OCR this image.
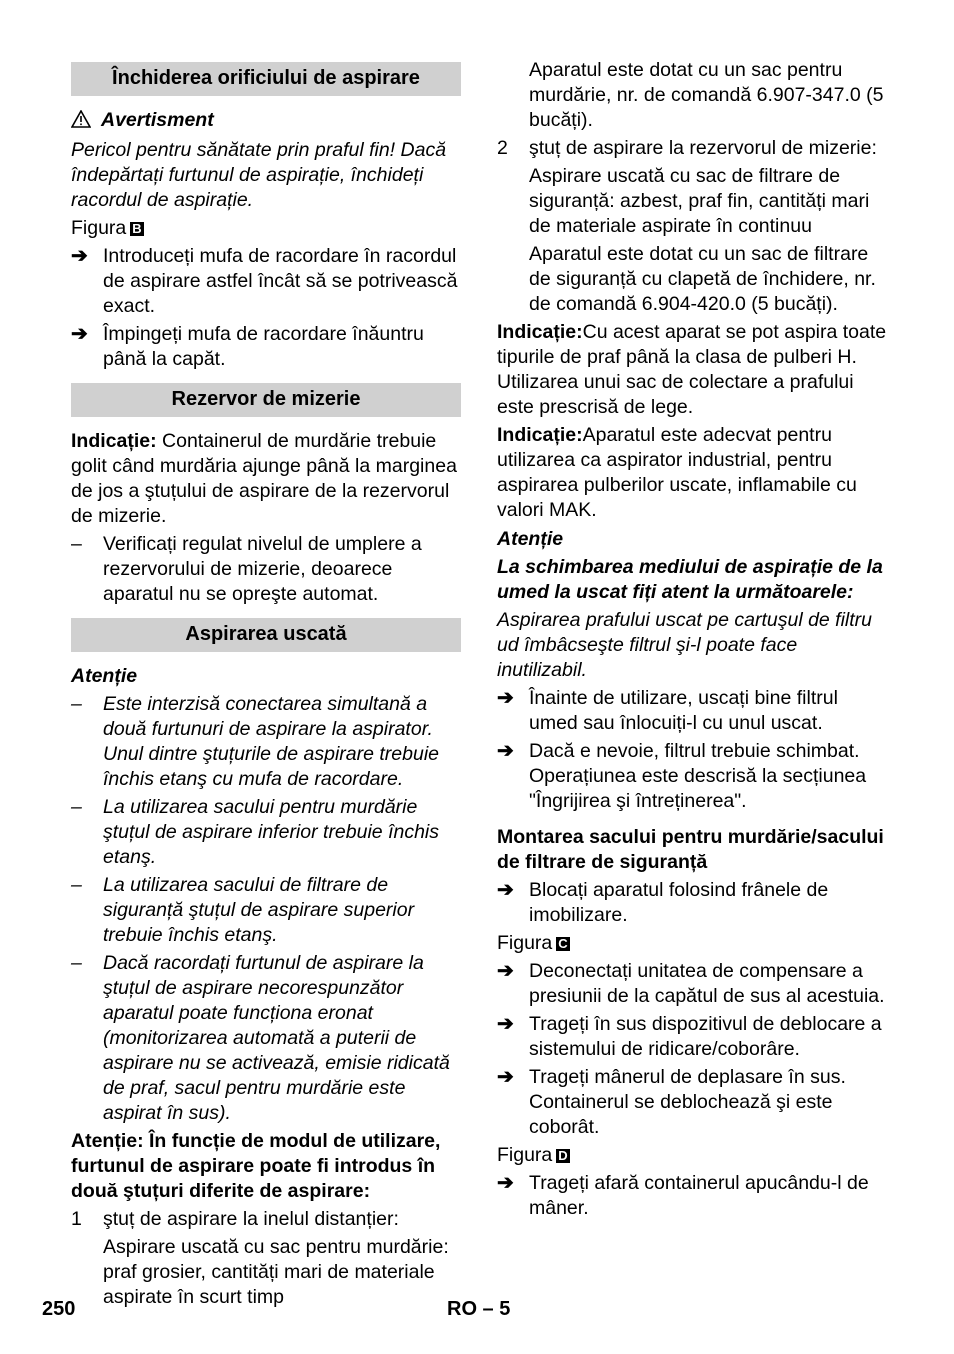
Închiderea orificiului de aspirare

Avertisment

Pericol pentru sănătate prin praful fin! Dacă îndepărtați furtunul de aspirație, închideți racordul de aspirație.

Figura B

➔ Introduceți mufa de racordare în racordul de aspirare astfel încât să se potrivească exact.
➔ Împingeți mufa de racordare înăuntru până la capăt.
Rezervor de mizerie

Indicație: Containerul de murdărie trebuie golit când murdăria ajunge până la marginea de jos a ştuțului de aspirare de la rezervorul de mizerie.

–	Verificați regulat nivelul de umplere a rezervorului de mizerie, deoarece aparatul nu se opreşte automat.
Aspirarea uscată

Atenție

–	Este interzisă conectarea simultană a două furtunuri de aspirare la aspirator. Unul dintre ştuțurile de aspirare trebuie închis etanş cu mufa de racordare.
–	La utilizarea sacului pentru murdărie ştuțul de aspirare inferior trebuie închis etanş.
–	La utilizarea sacului de filtrare de siguranță ştuțul de aspirare superior trebuie închis etanş.
–	Dacă racordați furtunul de aspirare la ştuțul de aspirare necorespunzător aparatul poate funcționa eronat (monitorizarea automată a puterii de aspirare nu se activează, emisie ridicată de praf, sacul pentru murdărie este aspirat în sus).

Atenție: În funcție de modul de utilizare, furtunul de aspirare poate fi introdus în două ştuțuri diferite de aspirare:

1	ştuț de aspirare la inelul distanțier:

Aspirare uscată cu sac pentru murdărie: praf grosier, cantități mari de materiale aspirate în scurt timp

Aparatul este dotat cu un sac pentru murdărie, nr. de comandă 6.907-347.0 (5 bucăți).

2	ştuț de aspirare la rezervorul de mizerie:

Aspirare uscată cu sac de filtrare de siguranță: azbest, praf fin, cantități mari de materiale aspirate în continuu

Aparatul este dotat cu un sac de filtrare de siguranță cu clapetă de închidere, nr. de comandă 6.904-420.0 (5 bucăți).

Indicație:Cu acest aparat se pot aspira toate tipurile de praf până la clasa de pulberi H. Utilizarea unui sac de colectare a prafului este prescrisă de lege.

Indicație:Aparatul este adecvat pentru utilizarea ca aspirator industrial, pentru aspirarea pulberilor uscate, inflamabile cu valori MAK.

Atenție

La schimbarea mediului de aspirație de la umed la uscat fiți atent la următoarele:

Aspirarea prafului uscat pe cartuşul de filtru ud îmbâcseşte filtrul şi-l poate face inutilizabil.

➔ Înainte de utilizare, uscați bine filtrul umed sau înlocuiți-l cu unul uscat.
➔ Dacă e nevoie, filtrul trebuie schimbat. Operațiunea este descrisă la secțiunea "Îngrijirea şi întreținerea".

Montarea sacului pentru murdărie/sacului de filtrare de siguranță

➔ Blocați aparatul folosind frânele de imobilizare.

Figura C

➔ Deconectați unitatea de compensare a presiunii de la capătul de sus al acestuia.
➔ Trageți în sus dispozitivul de deblocare a sistemului de ridicare/coborâre.
➔ Trageți mânerul de deplasare în sus. Containerul se deblochează şi este coborât.

Figura D

➔ Trageți afară containerul apucându-l de mâner.
250	RO – 5
